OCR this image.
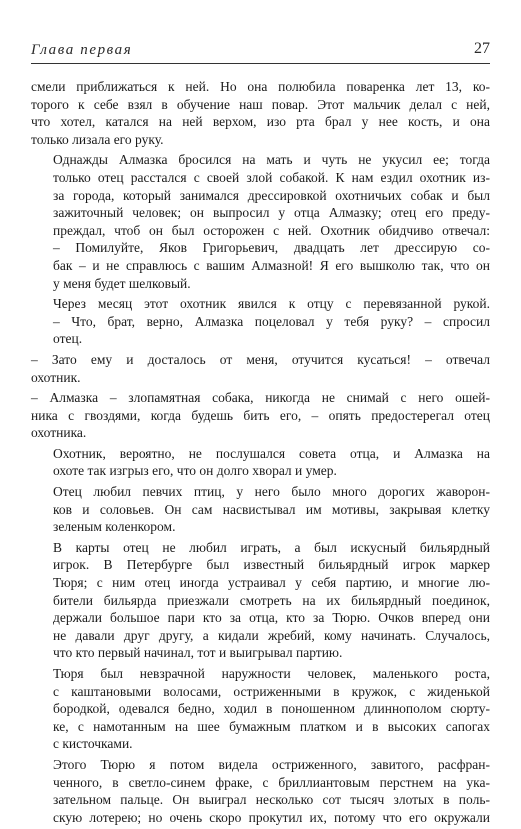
Глава первая	27

смели приближаться к ней. Но она полюбила поваренка лет 13, ко-
торого к себе взял в обучение наш повар. Этот мальчик делал с ней,
что хотел, катался на ней верхом, изо рта брал у нее кость, и она
только лизала его руку.

Однажды Алмазка бросился на мать и чуть не укусил ее; тогда
только отец расстался с своей злой собакой. К нам ездил охотник из-
за города, который занимался дрессировкой охотничьих собак и был
зажиточный человек; он выпросил у отца Алмазку; отец его преду-
преждал, чтоб он был осторожен с ней. Охотник обидчиво отвечал:
– Помилуйте, Яков Григорьевич, двадцать лет дрессирую со-
бак – и не справлюсь с вашим Алмазной! Я его вышколю так, что он
у меня будет шелковый.

Через месяц этот охотник явился к отцу с перевязанной рукой.
– Что, брат, верно, Алмазка поцеловал у тебя руку? – спросил
отец.

– Зато ему и досталось от меня, отучится кусаться! – отвечал
охотник.

– Алмазка – злопамятная собака, никогда не снимай с него ошей-
ника с гвоздями, когда будешь бить его, – опять предостерегал отец
охотника.

Охотник, вероятно, не послушался совета отца, и Алмазка на
охоте так изгрыз его, что он долго хворал и умер.

Отец любил певчих птиц, у него было много дорогих жаворон-
ков и соловьев. Он сам насвистывал им мотивы, закрывая клетку
зеленым коленкором.

В карты отец не любил играть, а был искусный бильярдный
игрок. В Петербурге был известный бильярдный игрок маркер
Тюря; с ним отец иногда устраивал у себя партию, и многие лю-
бители бильярда приезжали смотреть на их бильярдный поединок,
держали большое пари кто за отца, кто за Тюрю. Очков вперед они
не давали друг другу, а кидали жребий, кому начинать. Случалось,
что кто первый начинал, тот и выигрывал партию.

Тюря был невзрачной наружности человек, маленького роста,
с каштановыми волосами, остриженными в кружок, с жиденькой
бородкой, одевался бедно, ходил в поношенном длиннополом сюрту-
ке, с намотанным на шее бумажным платком и в высоких сапогах
с кисточками.

Этого Тюрю я потом видела остриженного, завитого, расфран-
ченного, в светло-синем фраке, с бриллиантовым перстнем на ука-
зательном пальце. Он выиграл несколько сот тысяч злотых в поль-
скую лотерею; но очень скоро прокутил их, потому что его окружали
